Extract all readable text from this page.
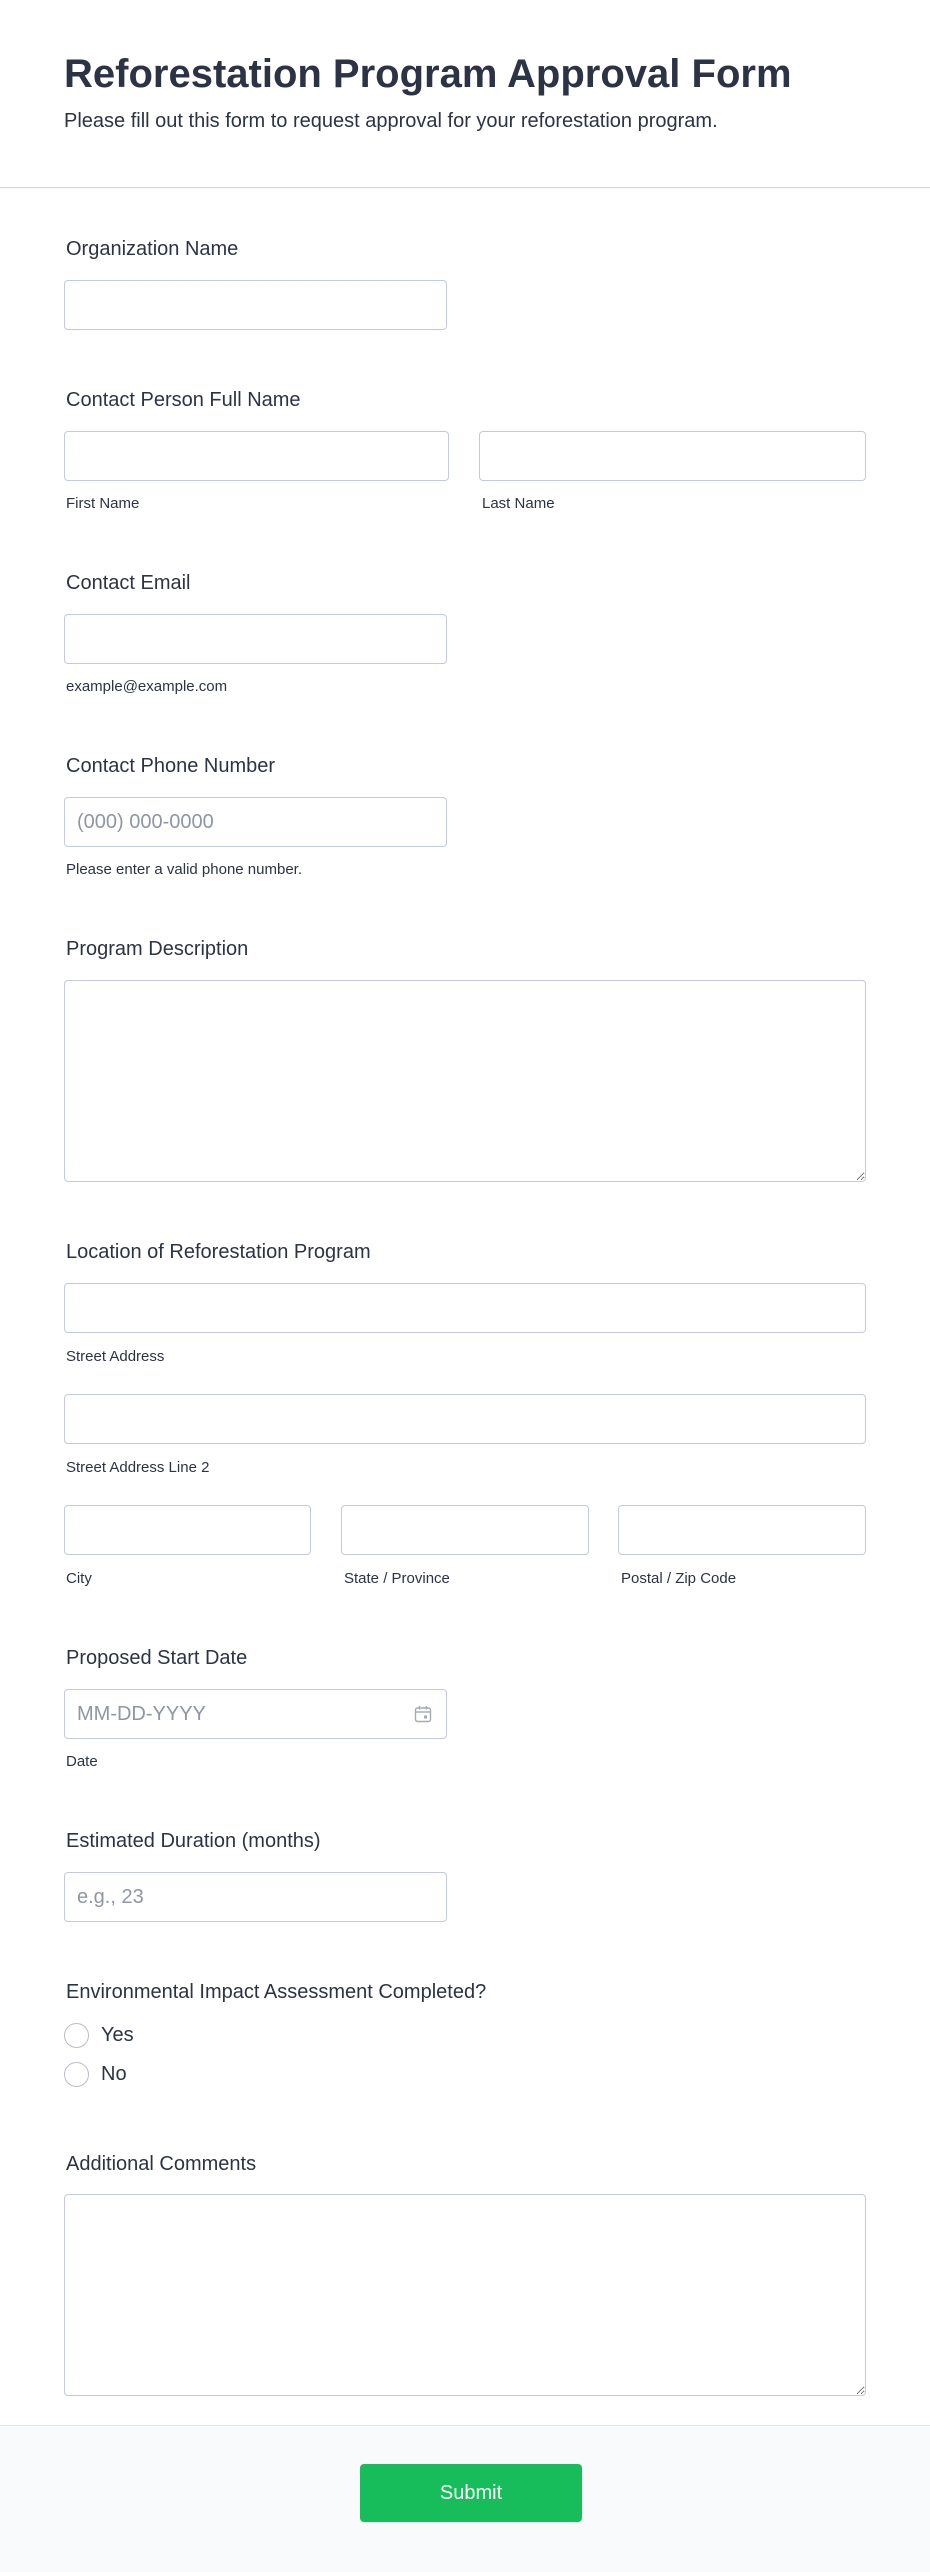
Reforestation Program Approval Form
Please fill out this form to request approval for your reforestation program.
Organization Name
Contact Person Full Name
First Name	Last Name
Contact Email
example@example.com
Contact Phone Number
(000) 000-0000
Please enter a valid phone number.
Program Description
Location of Reforestation Program
Street Address
Street Address Line 2
City	State / Province	Postal / Zip Code
Proposed Start Date
MM-DD-YYYY
Date
Estimated Duration (months)
e.g., 23
Environmental Impact Assessment Completed?
Yes
No
Additional Comments
Submit
